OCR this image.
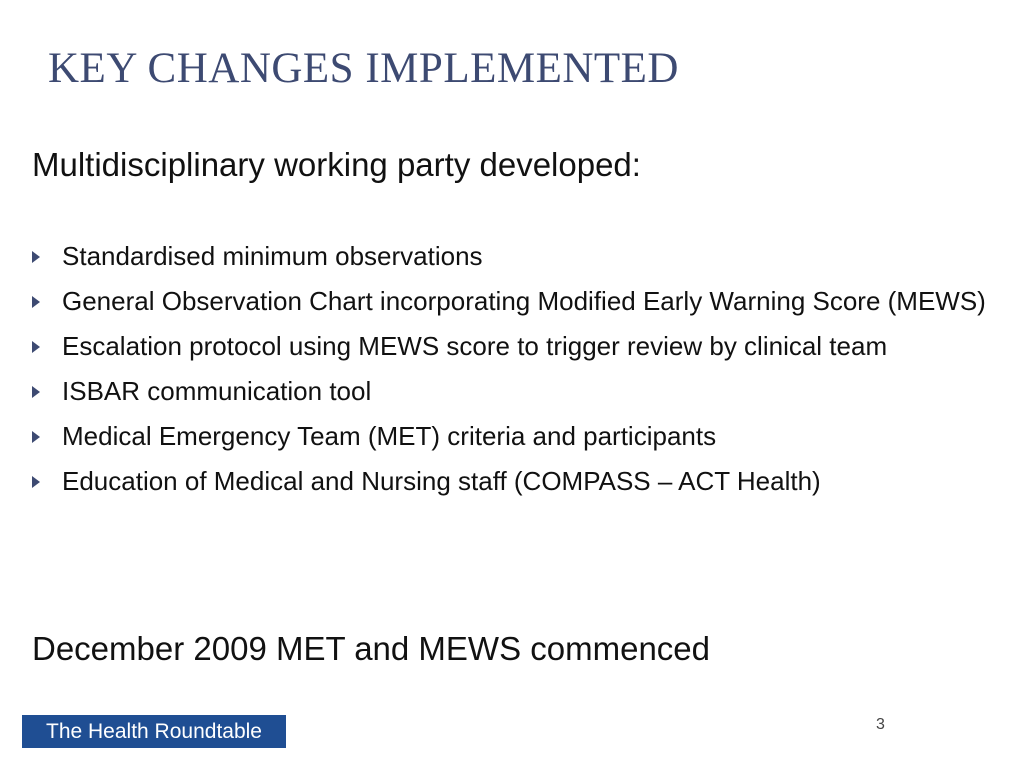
KEY CHANGES IMPLEMENTED

Multidisciplinary working party developed:

Standardised minimum observations
General Observation Chart incorporating Modified Early Warning Score (MEWS)
Escalation protocol using MEWS score to trigger review by clinical team
ISBAR communication tool
Medical Emergency Team (MET) criteria and participants
Education of Medical and Nursing staff (COMPASS – ACT Health)

December 2009 MET and MEWS commenced

The Health Roundtable	3
